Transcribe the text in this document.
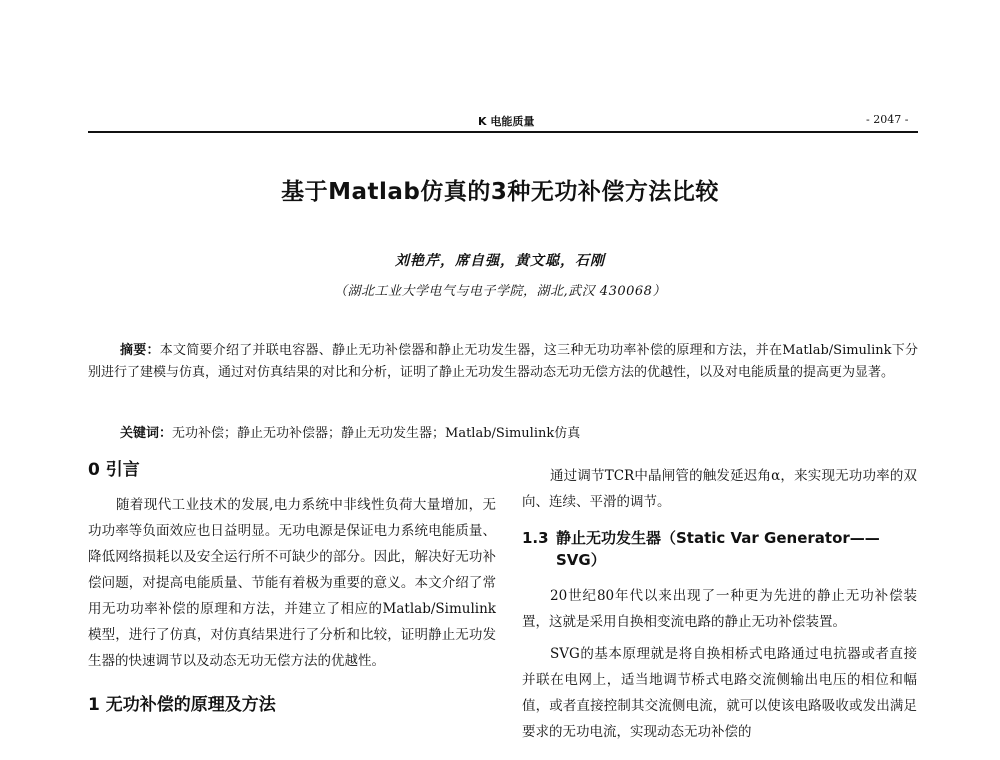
K 电能质量	- 2047 -
基于Matlab仿真的3种无功补偿方法比较
刘艳芹，席自强，黄文聪，石刚
（湖北工业大学电气与电子学院，湖北,武汉 430068）
摘要：本文简要介绍了并联电容器、静止无功补偿器和静止无功发生器，这三种无功功率补偿的原理和方法，并在Matlab/Simulink下分别进行了建模与仿真，通过对仿真结果的对比和分析，证明了静止无功发生器动态无功无偿方法的优越性，以及对电能质量的提高更为显著。
关键词：无功补偿；静止无功补偿器；静止无功发生器；Matlab/Simulink仿真
0 引言

随着现代工业技术的发展,电力系统中非线性负荷大量增加，无功功率等负面效应也日益明显。无功电源是保证电力系统电能质量、降低网络损耗以及安全运行所不可缺少的部分。因此，解决好无功补偿问题，对提高电能质量、节能有着极为重要的意义。本文介绍了常用无功功率补偿的原理和方法，并建立了相应的Matlab/Simulink模型，进行了仿真，对仿真结果进行了分析和比较，证明静止无功发生器的快速调节以及动态无功无偿方法的优越性。

1 无功补偿的原理及方法

通过调节TCR中晶闸管的触发延迟角α，来实现无功功率的双向、连续、平滑的调节。

1.3 静止无功发生器（Static Var Generator——SVG）

20世纪80年代以来出现了一种更为先进的静止无功补偿装置，这就是采用自换相变流电路的静止无功补偿装置。

SVG的基本原理就是将自换相桥式电路通过电抗器或者直接并联在电网上，适当地调节桥式电路交流侧输出电压的相位和幅值，或者直接控制其交流侧电流，就可以使该电路吸收或发出满足要求的无功电流，实现动态无功补偿的
